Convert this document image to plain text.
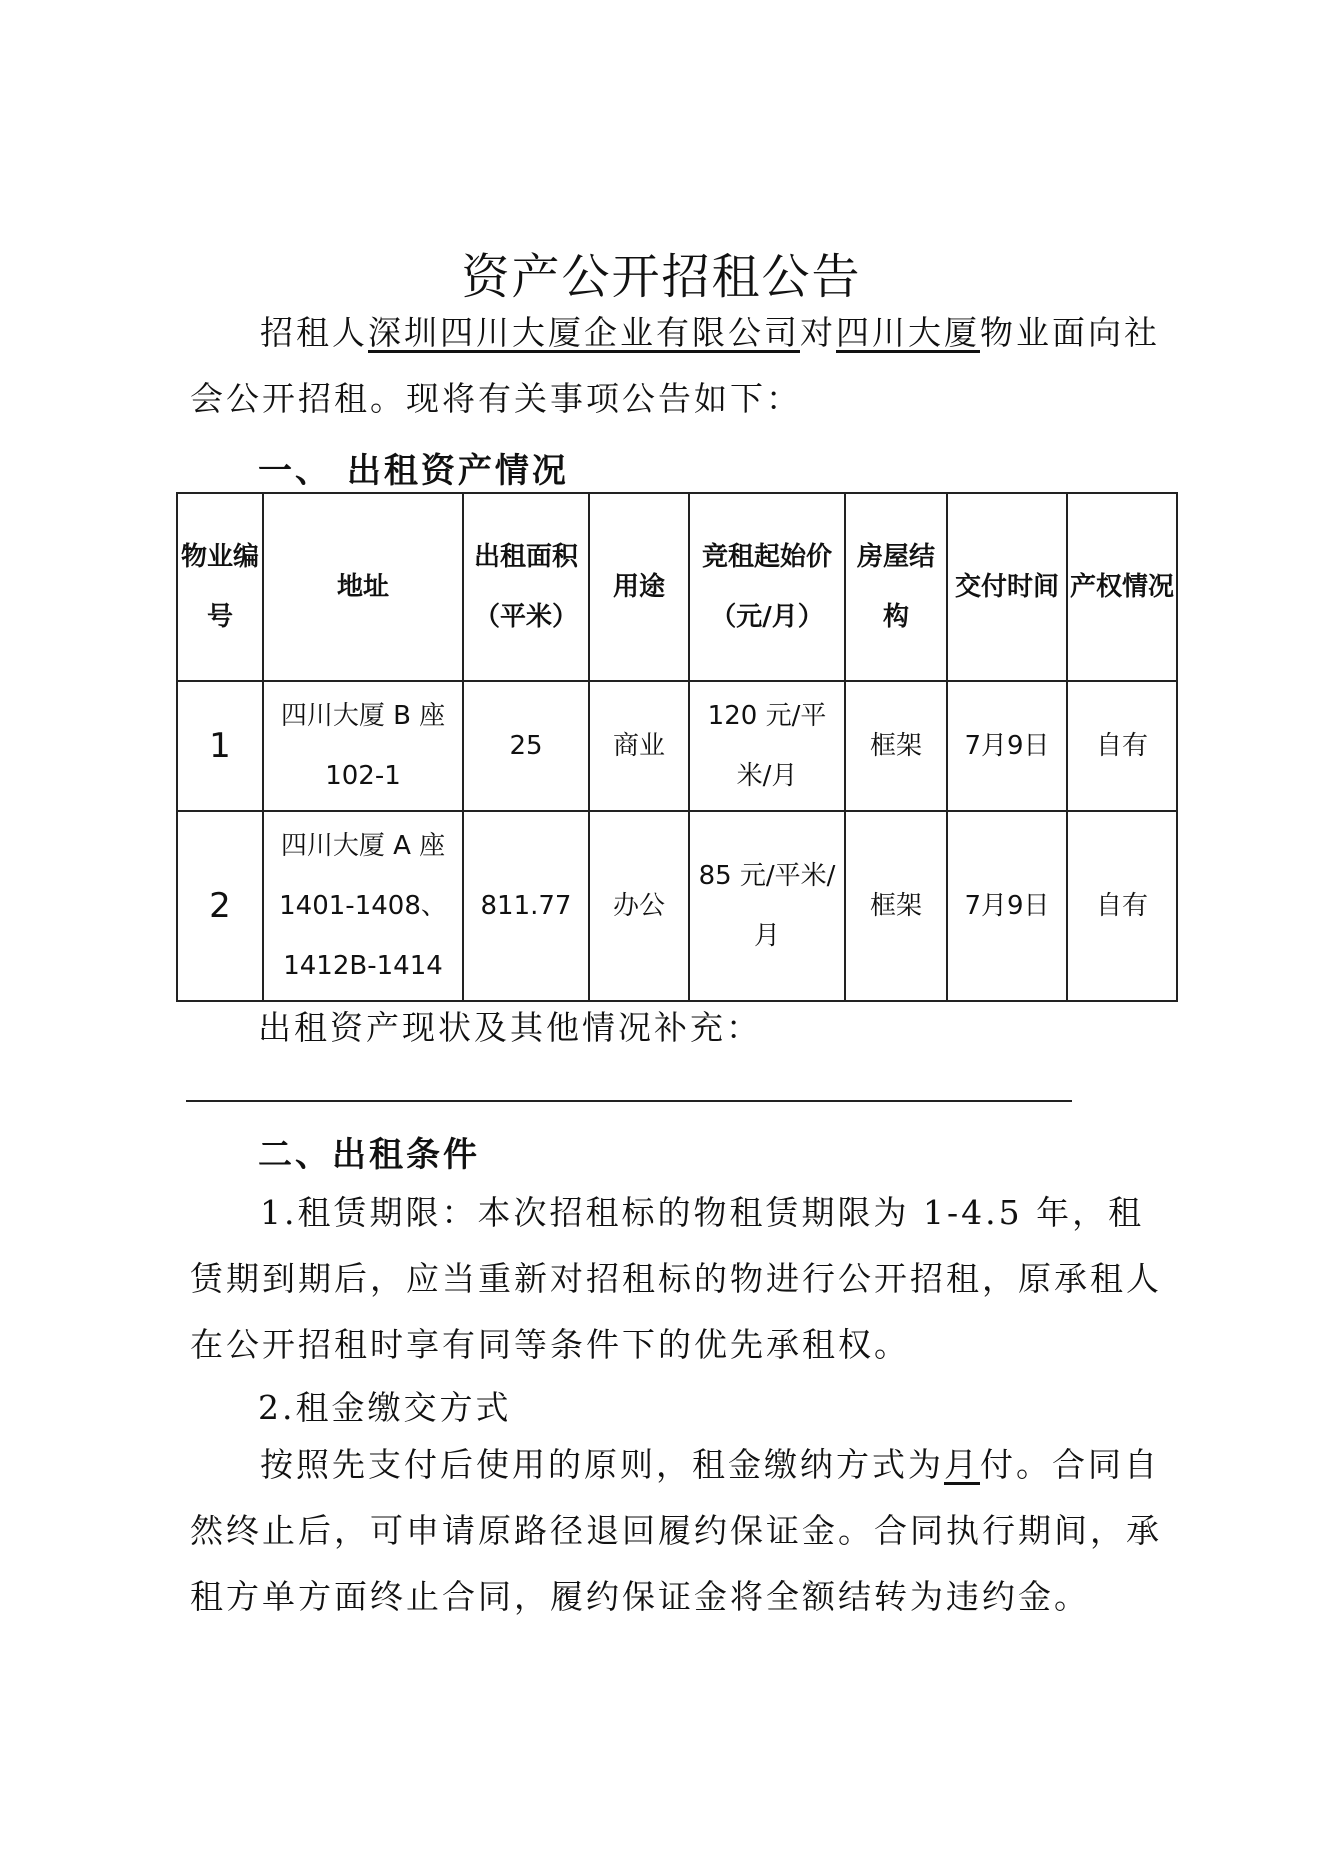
资产公开招租公告
招租人深圳四川大厦企业有限公司对四川大厦物业面向社会公开招租。现将有关事项公告如下：
一、 出租资产情况
物业编号	地址	出租面积（平米）	用途	竞租起始价（元/月）	房屋结构	交付时间	产权情况
1	四川大厦 B 座 102-1	25	商业	120 元/平米/月	框架	7月9日	自有
2	四川大厦 A 座 1401-1408、1412B-1414	811.77	办公	85 元/平米/月	框架	7月9日	自有
出租资产现状及其他情况补充：
二、出租条件
1.租赁期限：本次招租标的物租赁期限为 1-4.5 年，租赁期到期后，应当重新对招租标的物进行公开招租，原承租人在公开招租时享有同等条件下的优先承租权。
2.租金缴交方式
按照先支付后使用的原则，租金缴纳方式为月付。合同自然终止后，可申请原路径退回履约保证金。合同执行期间，承租方单方面终止合同，履约保证金将全额结转为违约金。
